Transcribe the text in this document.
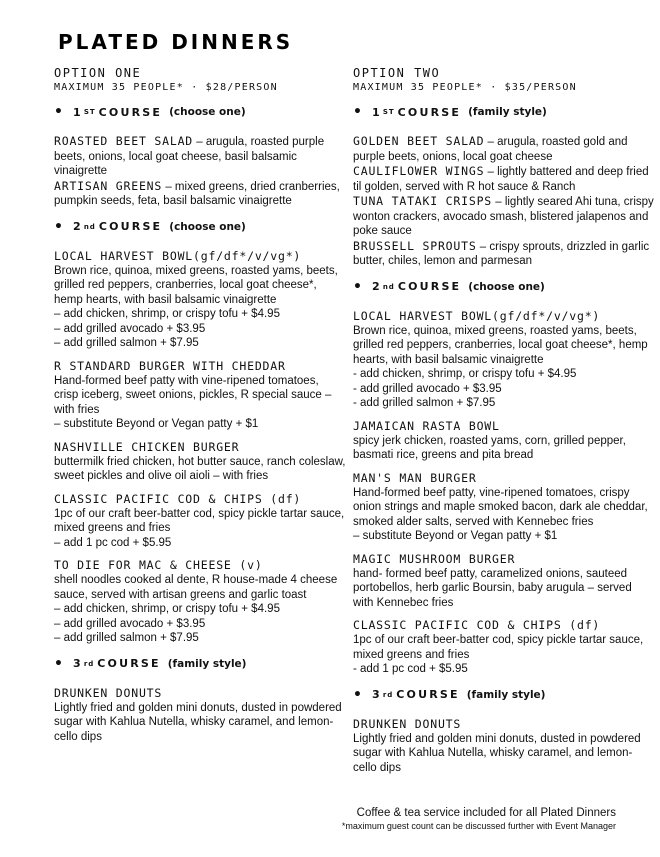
PLATED DINNERS
OPTION ONE
MAXIMUM 35 PEOPLE* · $28/PERSON
• 1 ST COURSE (choose one)
ROASTED BEET SALAD – arugula, roasted purple beets, onions, local goat cheese, basil balsamic vinaigrette
ARTISAN GREENS – mixed greens, dried cranberries, pumpkin seeds, feta, basil balsamic vinaigrette
• 2 nd COURSE (choose one)
LOCAL HARVEST BOWL(gf/df*/v/vg*)
Brown rice, quinoa, mixed greens, roasted yams, beets, grilled red peppers, cranberries, local goat cheese*, hemp hearts, with basil balsamic vinaigrette
– add chicken, shrimp, or crispy tofu + $4.95
– add grilled avocado + $3.95
– add grilled salmon + $7.95
R STANDARD BURGER WITH CHEDDAR
Hand-formed beef patty with vine-ripened tomatoes, crisp iceberg, sweet onions, pickles, R special sauce – with fries
– substitute Beyond or Vegan patty + $1
NASHVILLE CHICKEN BURGER
buttermilk fried chicken, hot butter sauce, ranch coleslaw, sweet pickles and olive oil aioli – with fries
CLASSIC PACIFIC COD & CHIPS (df)
1pc of our craft beer-batter cod, spicy pickle tartar sauce, mixed greens and fries
– add 1 pc cod + $5.95
TO DIE FOR MAC & CHEESE (v)
shell noodles cooked al dente, R house-made 4 cheese sauce, served with artisan greens and garlic toast
– add chicken, shrimp, or crispy tofu + $4.95
– add grilled avocado + $3.95
– add grilled salmon + $7.95
• 3 rd COURSE (family style)
DRUNKEN DONUTS
Lightly fried and golden mini donuts, dusted in powdered sugar with Kahlua Nutella, whisky caramel, and lemon-cello dips
OPTION TWO
MAXIMUM 35 PEOPLE* · $35/PERSON
• 1 ST COURSE (family style)
GOLDEN BEET SALAD – arugula, roasted gold and purple beets, onions, local goat cheese
CAULIFLOWER WINGS – lightly battered and deep fried til golden, served with R hot sauce & Ranch
TUNA TATAKI CRISPS – lightly seared Ahi tuna, crispy wonton crackers, avocado smash, blistered jalapenos and poke sauce
BRUSSELL SPROUTS – crispy sprouts, drizzled in garlic butter, chiles, lemon and parmesan
• 2 nd COURSE (choose one)
LOCAL HARVEST BOWL(gf/df*/v/vg*)
Brown rice, quinoa, mixed greens, roasted yams, beets, grilled red peppers, cranberries, local goat cheese*, hemp hearts, with basil balsamic vinaigrette
- add chicken, shrimp, or crispy tofu + $4.95
- add grilled avocado + $3.95
- add grilled salmon + $7.95
JAMAICAN RASTA BOWL
spicy jerk chicken, roasted yams, corn, grilled pepper, basmati rice, greens and pita bread
MAN'S MAN BURGER
Hand-formed beef patty, vine-ripened tomatoes, crispy onion strings and maple smoked bacon, dark ale cheddar, smoked alder salts, served with Kennebec fries
– substitute Beyond or Vegan patty + $1
MAGIC MUSHROOM BURGER
hand- formed beef patty, caramelized onions, sauteed portobellos, herb garlic Boursin, baby arugula – served with Kennebec fries
CLASSIC PACIFIC COD & CHIPS (df)
1pc of our craft beer-batter cod, spicy pickle tartar sauce, mixed greens and fries
- add 1 pc cod + $5.95
• 3 rd COURSE (family style)
DRUNKEN DONUTS
Lightly fried and golden mini donuts, dusted in powdered sugar with Kahlua Nutella, whisky caramel, and lemon-cello dips
Coffee & tea service included for all Plated Dinners
*maximum guest count can be discussed further with Event Manager
